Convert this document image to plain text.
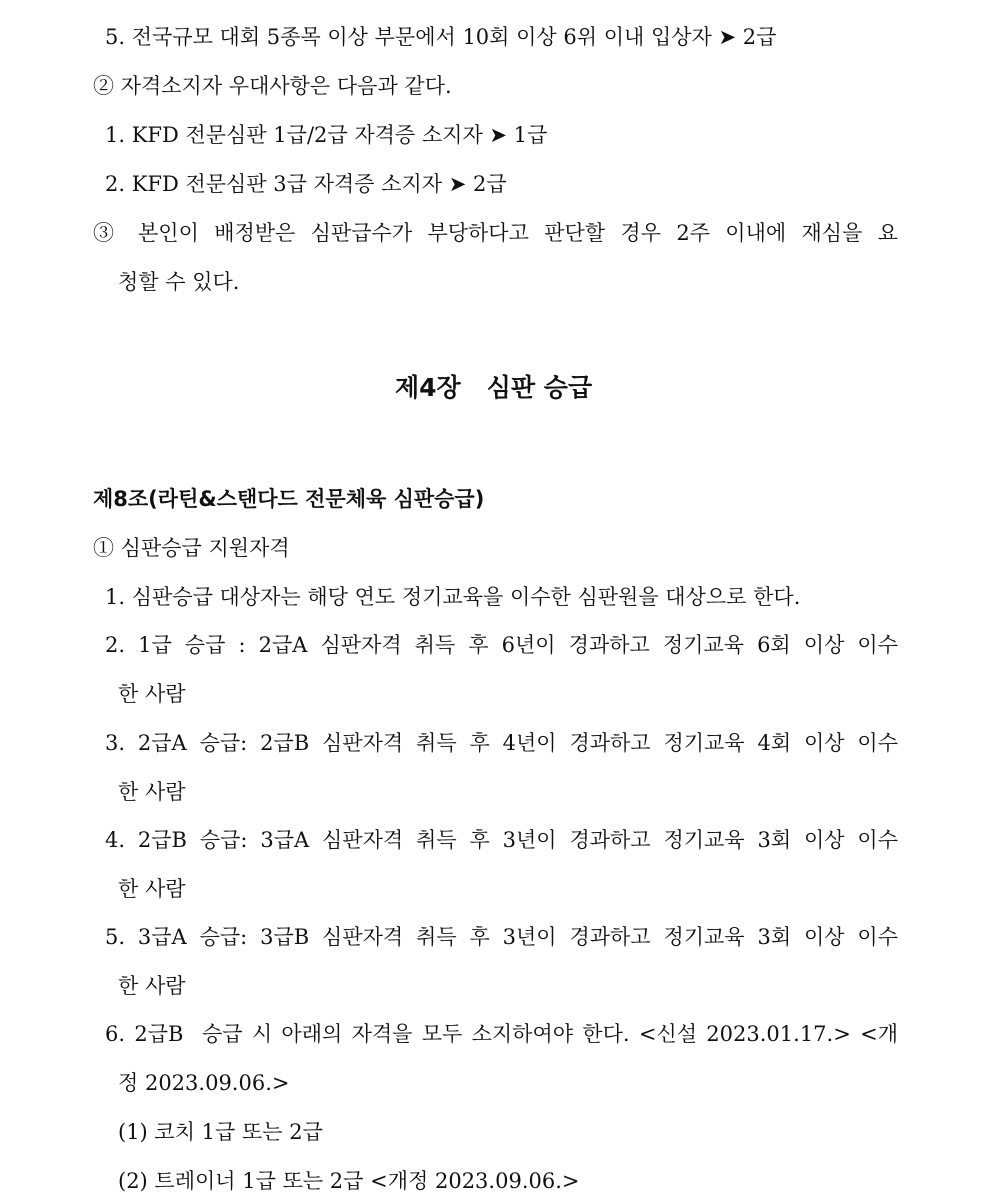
5. 전국규모 대회 5종목 이상 부문에서 10회 이상 6위 이내 입상자 ➤ 2급
② 자격소지자 우대사항은 다음과 같다.
1. KFD 전문심판 1급/2급 자격증 소지자 ➤ 1급
2. KFD 전문심판 3급 자격증 소지자 ➤ 2급
③ 본인이 배정받은 심판급수가 부당하다고 판단할 경우 2주 이내에 재심을 요
청할 수 있다.
제4장   심판 승급
제8조(라틴&스탠다드 전문체육 심판승급)
① 심판승급 지원자격
1. 심판승급 대상자는 해당 연도 정기교육을 이수한 심판원을 대상으로 한다.
2. 1급 승급 : 2급A 심판자격 취득 후 6년이 경과하고 정기교육 6회 이상 이수
한 사람
3. 2급A 승급: 2급B 심판자격 취득 후 4년이 경과하고 정기교육 4회 이상 이수
한 사람
4. 2급B 승급: 3급A 심판자격 취득 후 3년이 경과하고 정기교육 3회 이상 이수
한 사람
5. 3급A 승급: 3급B 심판자격 취득 후 3년이 경과하고 정기교육 3회 이상 이수
한 사람
6. 2급B  승급 시 아래의 자격을 모두 소지하여야 한다. <신설 2023.01.17.> <개
정 2023.09.06.>
(1) 코치 1급 또는 2급
(2) 트레이너 1급 또는 2급 <개정 2023.09.06.>
